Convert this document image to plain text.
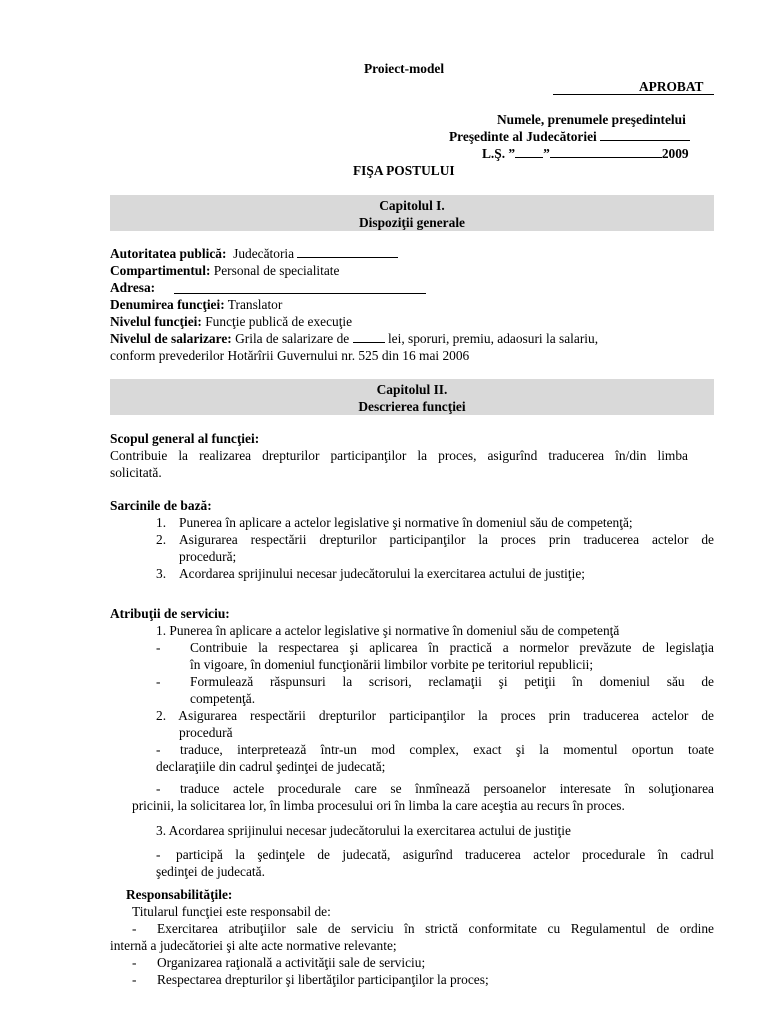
Proiect-model
APROBAT
Numele, prenumele preşedintelui
Preşedinte al Judecătoriei
L.Ş. ” ”	2009
FIŞA POSTULUI
Capitolul I.
Dispoziţii generale
Autoritatea publică: Judecătoria
Compartimentul: Personal de specialitate
Adresa:
Denumirea funcţiei: Translator
Nivelul funcţiei: Funcţie publică de execuţie
Nivelul de salarizare: Grila de salarizare de	lei, sporuri, premiu, adaosuri la salariu,
conform prevederilor Hotărîrii Guvernului nr. 525 din 16 mai 2006
Capitolul II.
Descrierea funcţiei
Scopul general al funcţiei:
Contribuie la realizarea drepturilor participanţilor la proces, asigurînd traducerea în/din limba
solicitată.
Sarcinile de bază:
1. Punerea în aplicare a actelor legislative şi normative în domeniul său de competenţă;
2. Asigurarea respectării drepturilor participanţilor la proces prin traducerea actelor de
procedură;
3. Acordarea sprijinului necesar judecătorului la exercitarea actului de justiţie;
Atribuţii de serviciu:
1. Punerea în aplicare a actelor legislative şi normative în domeniul său de competenţă
- Contribuie la respectarea şi aplicarea în practică a normelor prevăzute de legislaţia
în vigoare, în domeniul funcţionării limbilor vorbite pe teritoriul republicii;
- Formulează răspunsuri la scrisori, reclamaţii şi petiţii în domeniul său de
competenţă.
2. Asigurarea respectării drepturilor participanţilor la proces prin traducerea actelor de
procedură
- traduce, interpretează într-un mod complex, exact şi la momentul oportun toate
declaraţiile din cadrul şedinţei de judecată;
- traduce actele procedurale care se înmînează persoanelor interesate în soluţionarea
pricinii, la solicitarea lor, în limba procesului ori în limba la care aceştia au recurs în proces.
3. Acordarea sprijinului necesar judecătorului la exercitarea actului de justiţie
- participă la şedinţele de judecată, asigurînd traducerea actelor procedurale în cadrul
şedinţei de judecată.
Responsabilităţile:
Titularul funcţiei este responsabil de:
- Exercitarea atribuţiilor sale de serviciu în strictă conformitate cu Regulamentul de ordine
internă a judecătoriei şi alte acte normative relevante;
- Organizarea raţională a activităţii sale de serviciu;
- Respectarea drepturilor şi libertăţilor participanţilor la proces;
